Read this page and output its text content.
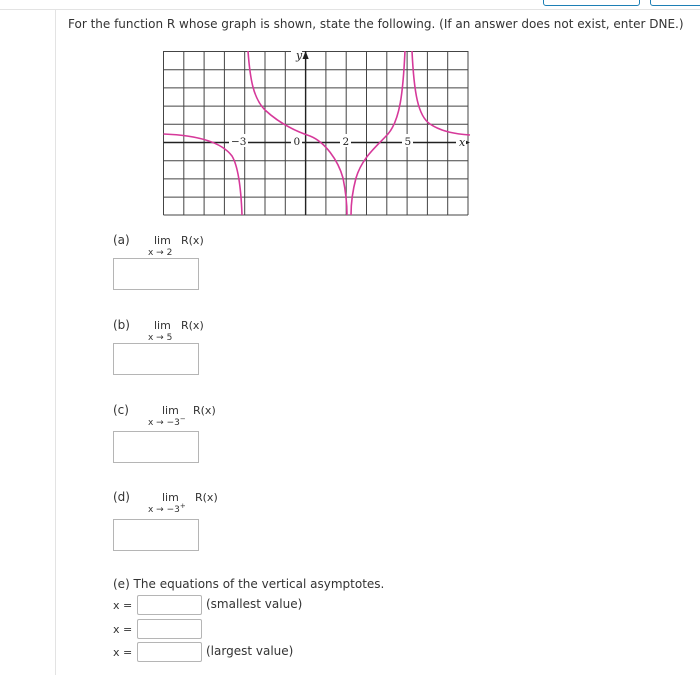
For the function R whose graph is shown, state the following. (If an answer does not exist, enter DNE.)
y
x
−3	0	2	5
(a) lim
x → 2
R(x)
(b) lim
x → 5
R(x)
(c)	lim
x → −3−
R(x)
(d)	lim
x → −3+
R(x)
(e) The equations of the vertical asymptotes.
x =	(smallest value)
x =
x =	(largest value)
